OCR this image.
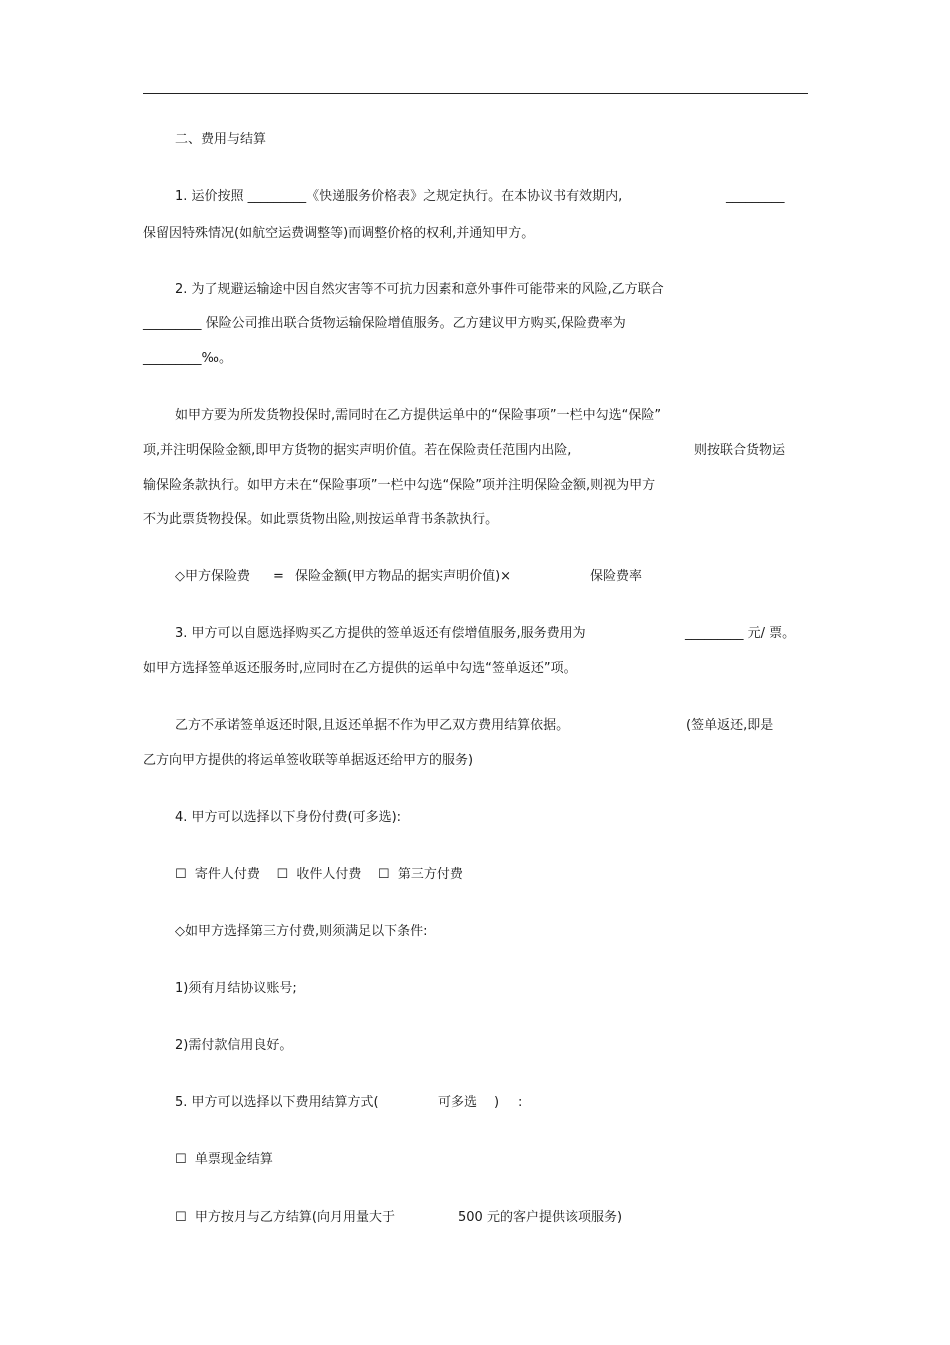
二、费用与结算
1. 运价按照 _________《快递服务价格表》之规定执行。在本协议书有效期内,	_________
保留因特殊情况(如航空运费调整等)而调整价格的权利,并通知甲方。
2. 为了规避运输途中因自然灾害等不可抗力因素和意外事件可能带来的风险,乙方联合
_________ 保险公司推出联合货物运输保险增值服务。乙方建议甲方购买,保险费率为
_________‰。
如甲方要为所发货物投保时,需同时在乙方提供运单中的“保险事项”一栏中勾选“保险”
项,并注明保险金额,即甲方货物的据实声明价值。若在保险责任范围内出险,	则按联合货物运
输保险条款执行。如甲方未在“保险事项”一栏中勾选“保险”项并注明保险金额,则视为甲方
不为此票货物投保。如此票货物出险,则按运单背书条款执行。
◇甲方保险费 = 保险金额(甲方物品的据实声明价值)×	保险费率
3. 甲方可以自愿选择购买乙方提供的签单返还有偿增值服务,服务费用为	_________ 元/ 票。
如甲方选择签单返还服务时,应同时在乙方提供的运单中勾选“签单返还”项。
乙方不承诺签单返还时限,且返还单据不作为甲乙双方费用结算依据。	(签单返还,即是
乙方向甲方提供的将运单签收联等单据返还给甲方的服务)
4. 甲方可以选择以下身份付费(可多选):
☐  寄件人付费    ☐  收件人付费    ☐  第三方付费
◇如甲方选择第三方付费,则须满足以下条件:
1)须有月结协议账号;
2)需付款信用良好。
5. 甲方可以选择以下费用结算方式(	可多选 ) :
☐  单票现金结算
☐  甲方按月与乙方结算(向月用量大于	500 元的客户提供该项服务)
